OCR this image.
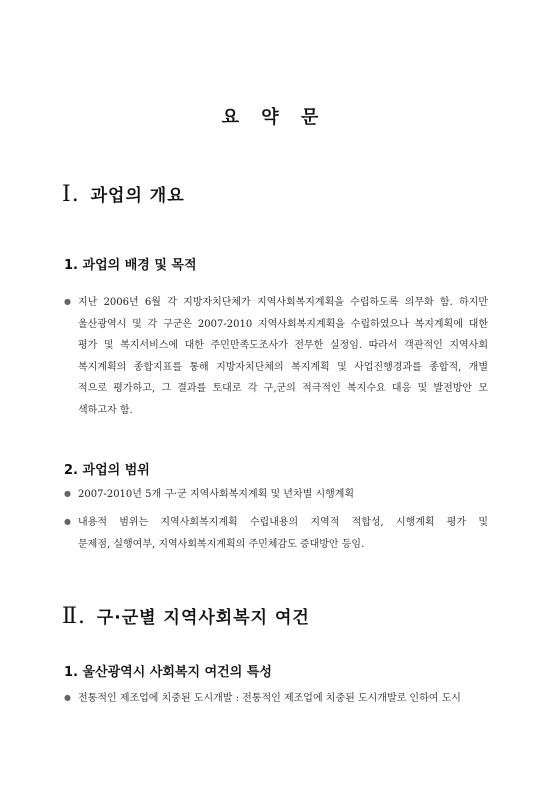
요 약 문
Ⅰ. 과업의 개요
1. 과업의 배경 및 목적

● 지난 2006년 6월 각 지방자치단체가 지역사회복지계획을 수립하도록 의무화 함. 하지만
울산광역시 및 각 구군은 2007-2010 지역사회복지계획을 수립하였으나 복지계획에 대한
평가 및 복지서비스에 대한 주민만족도조사가 전무한 실정임. 따라서 객관적인 지역사회
복지계획의 종합지표를 통해 지방자치단체의 복지계획 및 사업진행경과를 종합적, 개별
적으로 평가하고, 그 결과를 토대로 각 구,군의 적극적인 복지수요 대응 및 발전방안 모
색하고자 함.

2. 과업의 범위

● 2007-2010년 5개 구·군 지역사회복지계획 및 년차별 시행계획

● 내용적 범위는 지역사회복지계획 수립내용의 지역적 적합성, 시행계획 평가 및
문제점, 실행여부, 지역사회복지계획의 주민체감도 증대방안 등임.

Ⅱ. 구·군별 지역사회복지 여건
1. 울산광역시 사회복지 여건의 특성

● 전통적인 제조업에 치중된 도시개발 : 전통적인 제조업에 치중된 도시개발로 인하여 도시
